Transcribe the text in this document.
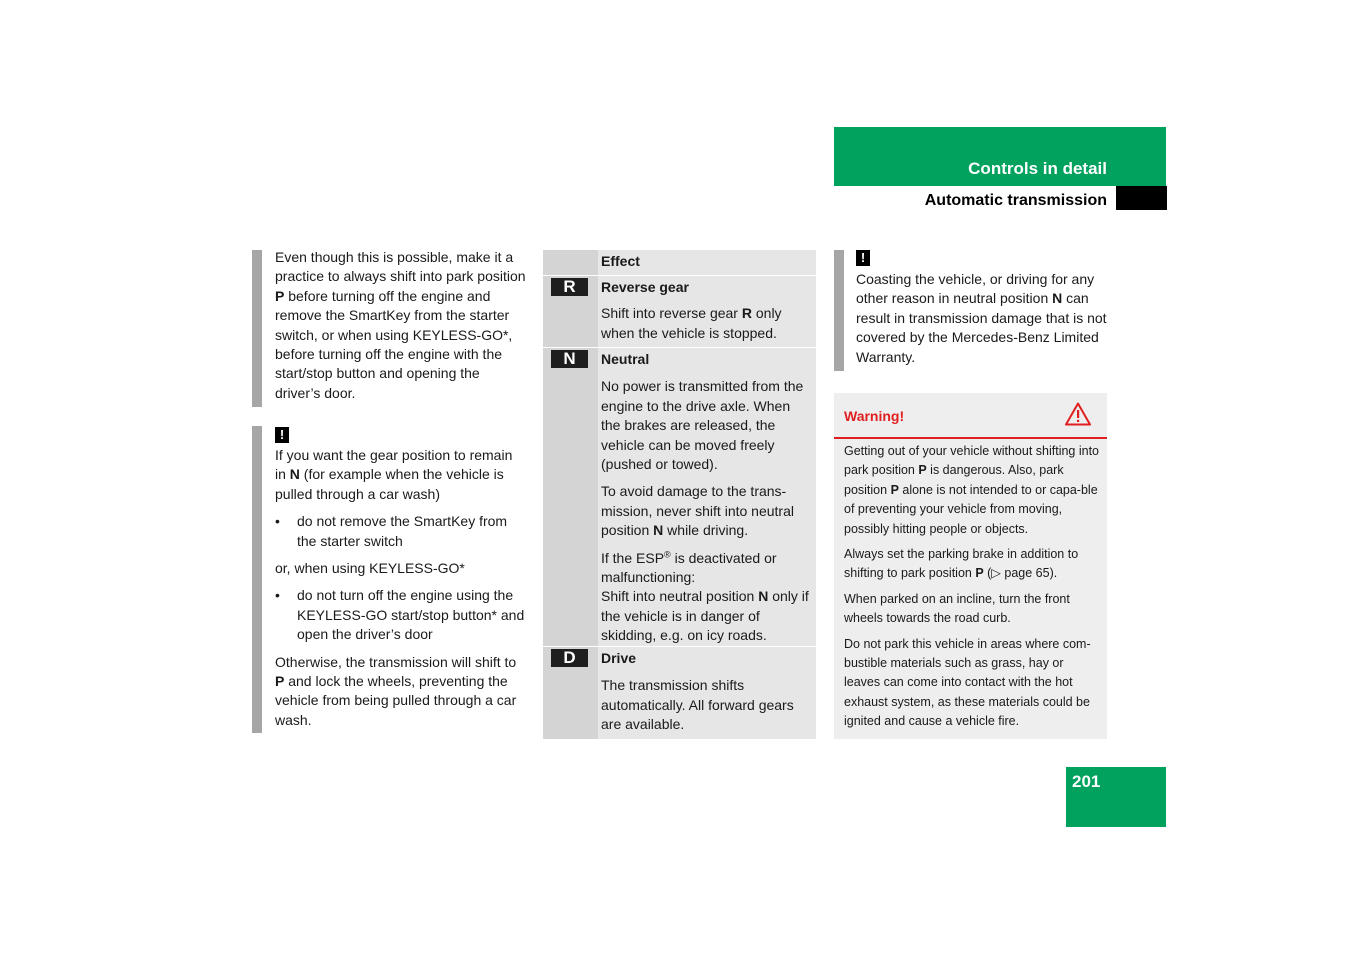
Controls in detail
Automatic transmission

Even though this is possible, make it a practice to always shift into park position P before turning off the engine and remove the SmartKey from the starter switch, or when using KEYLESS-GO*, before turning off the engine with the start/stop button and opening the driver’s door.

!

If you want the gear position to remain in N (for example when the vehicle is pulled through a car wash)

• do not remove the SmartKey from the starter switch

or, when using KEYLESS-GO*

• do not turn off the engine using the KEYLESS-GO start/stop button* and open the driver’s door

Otherwise, the transmission will shift to P and lock the wheels, preventing the vehicle from being pulled through a car wash.

Effect
R	Reverse gear

Shift into reverse gear R only when the vehicle is stopped.

N	Neutral

No power is transmitted from the engine to the drive axle. When the brakes are released, the vehicle can be moved freely (pushed or towed).

To avoid damage to the trans-mission, never shift into neutral position N while driving.

If the ESP® is deactivated or malfunctioning:

Shift into neutral position N only if the vehicle is in danger of skidding, e.g. on icy roads.

D	Drive

The transmission shifts automatically. All forward gears are available.

!

Coasting the vehicle, or driving for any other reason in neutral position N can result in transmission damage that is not covered by the Mercedes-Benz Limited Warranty.

Warning!

Getting out of your vehicle without shifting into park position P is dangerous. Also, park position P alone is not intended to or capa-ble of preventing your vehicle from moving, possibly hitting people or objects.

Always set the parking brake in addition to shifting to park position P (▷ page 65).

When parked on an incline, turn the front wheels towards the road curb.

Do not park this vehicle in areas where com-bustible materials such as grass, hay or leaves can come into contact with the hot exhaust system, as these materials could be ignited and cause a vehicle fire.

201
